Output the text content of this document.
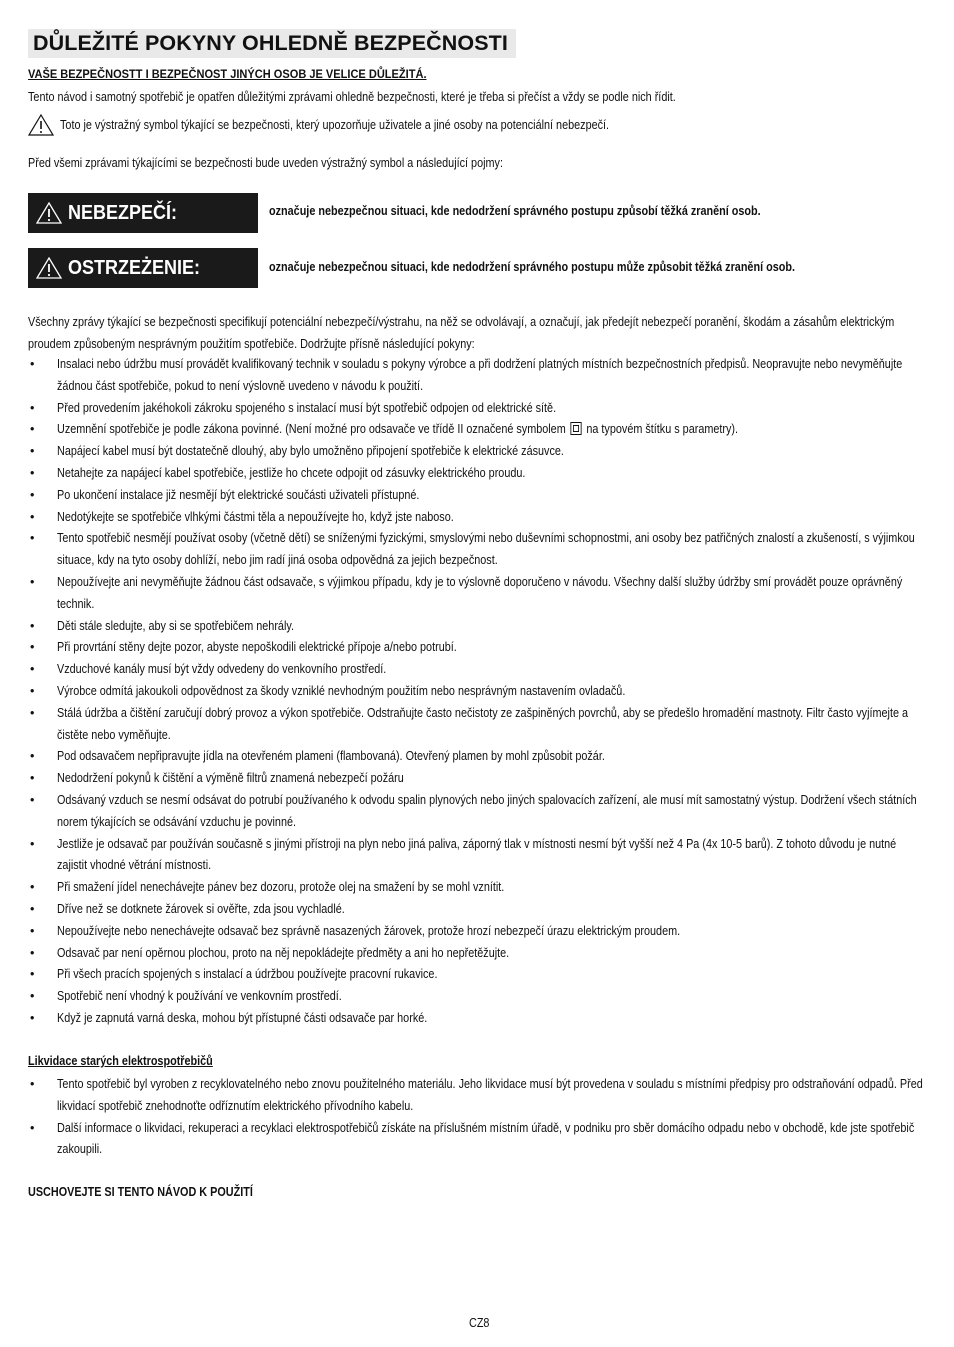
DŮLEŽITÉ POKYNY OHLEDNĚ BEZPEČNOSTI
VAŠE BEZPEČNOSTT I BEZPEČNOST JINÝCH OSOB JE VELICE DŮLEŽITÁ.
Tento návod i samotný spotřebič je opatřen důležitými zprávami ohledně bezpečnosti, které je třeba si přečíst a vždy se podle nich řídit.
Toto je výstražný symbol týkající se bezpečnosti, který upozorňuje uživatele a jiné osoby na potenciální nebezpečí.
Před všemi zprávami týkajícími se bezpečnosti bude uveden výstražný symbol a následující pojmy:
NEBEZPEČÍ:	označuje nebezpečnou situaci, kde nedodržení správného postupu způsobí těžká zranění osob.
OSTRZEŻENIE:	označuje nebezpečnou situaci, kde nedodržení správného postupu může způsobit těžká zranění osob.
Všechny zprávy týkající se bezpečnosti specifikují potenciální nebezpečí/výstrahu, na něž se odvolávají, a označují, jak předejít nebezpečí poranění, škodám a zásahům elektrickým proudem způsobeným nesprávným použitím spotřebiče. Dodržujte přísně následující pokyny:
• Insalaci nebo údržbu musí provádět kvalifikovaný technik v souladu s pokyny výrobce a při dodržení platných místních bezpečnostních předpisů. Neopravujte nebo nevyměňujte žádnou část spotřebiče, pokud to není výslovně uvedeno v návodu k použití.
• Před provedením jakéhokoli zákroku spojeného s instalací musí být spotřebič odpojen od elektrické sítě.
• Uzemnění spotřebiče je podle zákona povinné. (Není možné pro odsavače ve třídě II označené symbolem na typovém štítku s parametry).
• Napájecí kabel musí být dostatečně dlouhý, aby bylo umožněno připojení spotřebiče k elektrické zásuvce.
• Netahejte za napájecí kabel spotřebiče, jestliže ho chcete odpojit od zásuvky elektrického proudu.
• Po ukončení instalace již nesmějí být elektrické součásti uživateli přístupné.
• Nedotýkejte se spotřebiče vlhkými částmi těla a nepoužívejte ho, když jste naboso.
• Tento spotřebič nesmějí používat osoby (včetně dětí) se sníženými fyzickými, smyslovými nebo duševními schopnostmi, ani osoby bez patřičných znalostí a zkušeností, s výjimkou situace, kdy na tyto osoby dohlíží, nebo jim radí jiná osoba odpovědná za jejich bezpečnost.
• Nepoužívejte ani nevyměňujte žádnou část odsavače, s výjimkou případu, kdy je to výslovně doporučeno v návodu. Všechny další služby údržby smí provádět pouze oprávněný technik.
• Děti stále sledujte, aby si se spotřebičem nehrály.
• Při provrtání stěny dejte pozor, abyste nepoškodili elektrické přípoje a/nebo potrubí.
• Vzduchové kanály musí být vždy odvedeny do venkovního prostředí.
• Výrobce odmítá jakoukoli odpovědnost za škody vzniklé nevhodným použitím nebo nesprávným nastavením ovladačů.
• Stálá údržba a čištění zaručují dobrý provoz a výkon spotřebiče. Odstraňujte často nečistoty ze zašpiněných povrchů, aby se předešlo hromadění mastnoty. Filtr často vyjímejte a čistěte nebo vyměňujte.
• Pod odsavačem nepřipravujte jídla na otevřeném plameni (flambovaná). Otevřený plamen by mohl způsobit požár.
• Nedodržení pokynů k čištění a výměně filtrů znamená nebezpečí požáru
• Odsávaný vzduch se nesmí odsávat do potrubí používaného k odvodu spalin plynových nebo jiných spalovacích zařízení, ale musí mít samostatný výstup. Dodržení všech státních norem týkajících se odsávání vzduchu je povinné.
• Jestliže je odsavač par používán současně s jinými přístroji na plyn nebo jiná paliva, záporný tlak v místnosti nesmí být vyšší než 4 Pa (4x 10-5 barů). Z tohoto důvodu je nutné zajistit vhodné větrání místnosti.
• Při smažení jídel nenechávejte pánev bez dozoru, protože olej na smažení by se mohl vznítit.
• Dříve než se dotknete žárovek si ověřte, zda jsou vychladlé.
• Nepoužívejte nebo nenechávejte odsavač bez správně nasazených žárovek, protože hrozí nebezpečí úrazu elektrickým proudem.
• Odsavač par není opěrnou plochou, proto na něj nepokládejte předměty a ani ho nepřetěžujte.
• Při všech pracích spojených s instalací a údržbou používejte pracovní rukavice.
• Spotřebič není vhodný k používání ve venkovním prostředí.
• Když je zapnutá varná deska, mohou být přístupné části odsavače par horké.
Likvidace starých elektrospotřebičů
• Tento spotřebič byl vyroben z recyklovatelného nebo znovu použitelného materiálu. Jeho likvidace musí být provedena v souladu s místními předpisy pro odstraňování odpadů. Před likvidací spotřebič znehodnoťte odříznutím elektrického přívodního kabelu.
• Další informace o likvidaci, rekuperaci a recyklaci elektrospotřebičů získáte na příslušném místním úřadě, v podniku pro sběr domácího odpadu nebo v obchodě, kde jste spotřebič zakoupili.
USCHOVEJTE SI TENTO NÁVOD K POUŽITÍ
CZ8
